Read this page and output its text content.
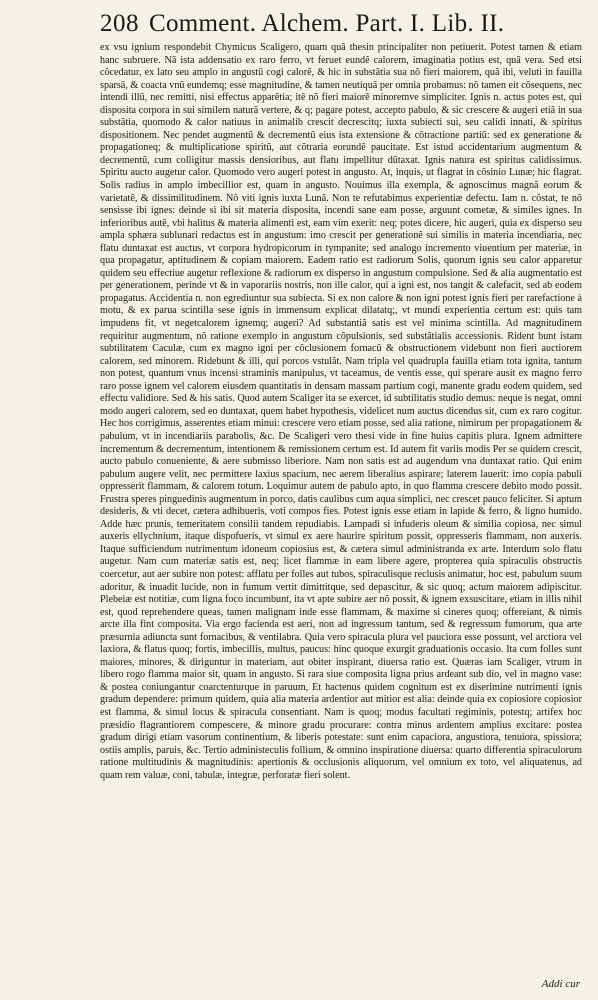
208 Comment. Alchem. Part. I. Lib. II.

ex vsu ignium respondebit Chymicus Scaligero, quam quã thesin principaliter non petiuerit. Potest tamen & etiam hanc subruere. Nã ista addensatio ex raro ferro, vt feruet eundẽ calorem, imaginatia potius est, quã vera. Sed etsi cõcedatur, ex lato seu amplo in angustũ cogi calorẽ, & hic in substãtia sua nõ fieri maiorem, quã ibi, veluti in fauilla sparsã, & coacta vnũ eundemq; esse magnitudine, & tamen neutiquã per omnia probamus: nõ tamen eit cõsequens, nec intendi illũ, nec remitti, nisi effectus apparẽtia; itẽ nõ fieri maiorẽ minoremve simpliciter. Ignis n. actus potes est, qui disposita corpora in sui similem naturã vertere, & q; pagare potest, accepto pabulo, & sic crescere & augeri etiã in sua substãtia, quomodo & calor natiuus in animalib crescit decrescitq; iuxta subiecti sui, seu calidi innati, & spiritus dispositionem. Nec pendet augmentũ & decrementũ eius ista extensione & cõtractione partiũ: sed ex generatione & propagationeq; & multiplicatione spiritũ, aut cõtraria eorundẽ paucitate. Est istud accidentarium augmentum & decrementũ, cum colligitur massis densioribus, aut flatu impellitur dũtaxat. Ignis natura est spiritus calidissimus. Spiritu aucto augetur calor. Quomodo vero augeri potest in angusto. At, inquis, ut flagrat in cõsinio Lunæ; hic flagrat. Solis radius in amplo imbecillior est, quam in angusto. Nouimus illa exempla, & agnoscimus magnã eorum & varietatẽ, & dissimilitudinem. Nõ viti ignis iuxta Lunã. Non te refutabimus experientiæ defectu. Iam n. cõstat, te nõ sensisse ibi ignes: deinde si ibi sit materia disposita, incendi sane eam posse, arguunt cometæ, & similes ignes. In inferioribus autẽ, vbi halitus & materia alimenti est, eam vim exerit: neq; potes dicere, hic augeri, quia ex disperso seu ampla sphæra sublunari redactus est in angustum: imo crescit per generationẽ sui similis in materia incendiaria, nec flatu duntaxat est auctus, vt corpora hydropicorum in tympanite; sed analogo incremento viuentium per materiæ, in qua propagatur, aptitudinem & copiam maiorem. Eadem ratio est radiorum Solis, quorum ignis seu calor apparetur quidem seu effectiue augetur reflexione & radiorum ex disperso in angustum compulsione. Sed & alia augmentatio est per generationem, perinde vt & in vaporariis nostris, non ille calor, qui a igni est, nos tangit & calefacit, sed ab eodem propagatus. Accidentia n. non egrediuntur sua subiecta. Si ex non calore & non igni potest ignis fieri per rarefactione à motu, & ex parua scintilla sese ignis in immensum explicat dilatatq;, vt mundi experientia certum est: quis tam impudens fit, vt negetcalorem ignemq; augeri? Ad substantiã satis est vel minima scintilla. Ad magnitudinem requiritur augmentum, nõ ratione exemplo in angustum cõpulsionis, sed substãtialis accessionis. Rident bunt istam subtilitatem Caculæ, cum ex magno igni per cõclusionem fornacũ & obstructionem videbunt non fieri auctiorem calorem, sed minorem. Ridebunt & illi, qui porcos vstulãt. Nam tripla vel quadrupla fauilla etiam tota ignita, tantum non potest, quantum vnus incensi straminis manipulus, vt taceamus, de ventis esse, qui sperare ausit ex magno ferro raro posse ignem vel calorem eiusdem quantitatis in densam massam partium cogi, manente gradu eodem quidem, sed effectu validiore. Sed & his satis. Quod autem Scaliger ita se exercet, id subtilitatis studio demus: neque is negat, omni modo augeri calorem, sed eo duntaxat, quem habet hypothesis, videlicet num auctus dicendus sit, cum ex raro cogitur. Hec hos corrigimus, asserentes etiam minui: crescere vero etiam posse, sed alia ratione, nimirum per propagationem & pabulum, vt in incendiariis parabolis, &c. De Scaligeri vero thesi vide in fine huius capitis plura. Ignem admittere incrementum & decrementum, intentionem & remissionem certum est. Id autem fit variis modis Per se quidem crescit, aucto pabulo conueniente, & aere submisso liberiore. Nam non satis est ad augendum vna duntaxat ratio. Qui enim pabulum augere velit, nec permittere laxius spacium, nec aerem liberalius aspirare; laterem lauerit: imo copia pabuli oppresserit flammam, & calorem totum. Loquimur autem de pabulo apto, in quo flamma crescere debito modo possit. Frustra speres pinguedinis augmentum in porco, datis caulibus cum aqua simplici, nec crescet pauco feliciter. Si aptum desideris, & vti decet, cætera adhibueris, voti compos fies. Potest ignis esse etiam in lapide & ferro, & ligno humido. Adde hæc prunis, temeritatem consilii tandem repudiabis. Lampadi si infuderis oleum & similia copiosa, nec simul auxeris ellychnium, itaque dispofueris, vt simul ex aere haurire spiritum possit, oppresseris flammam, non auxeris. Itaque sufficiendum nutrimentum idoneum copiosius est, & cætera simul administranda ex arte. Interdum solo flatu augetur. Nam cum materiæ satis est, neq; licet flammæ in eam libere agere, propterea quia spiraculis obstructis coercetur, aut aer subire non potest: afflatu per folles aut tubos, spiraculisque reclusis animatur, hoc est, pabulum suum adoritur, & inuadit lucide, non in fumum vertit dimittitque, sed depascitur, & sic quoq; actum maiorem adipiscitur. Plebeiæ est notitiæ, cum ligna foco incumbunt, ita vt apte subire aer nõ possit, & ignem exsuscitare, etiam in illis nihil est, quod reprehendere queas, tamen malignam inde esse flammam, & maxime si cineres quoq; offereiant, & nimis arcte illa fint composita. Via ergo facienda est aeri, non ad ingressum tantum, sed & regressum fumorum, qua arte præsurnia adiuncta sunt fornacibus, & ventilabra. Quia vero spiracula plura vel pauciora esse possunt, vel arctiora vel laxiora, & flatus quoq; fortis, imbecillis, multus, paucus: hinc quoque exurgit graduationis occasio. Ita cum folles sunt maiores, minores, & diriguntur in materiam, aut obiter inspirant, diuersa ratio est. Quæras iam Scaliger, vtrum in libero rogo flamma maior sit, quam in angusto. Si rara siue composita ligna prius ardeant sub dio, vel in magno vase: & postea coniungantur coarctenturque in paruum, Et hactenus quidem cognitum est ex diserimine nutrimenti ignis gradum dependere: primum quidem, quia alia materia ardentior aut mitior est alia: deinde quia ex copiosiore copiosior est flamma, & simul locus & spiracula consentiant. Nam is quoq; modus facultati regiminis, potestq; artifex hoc præsidio flagrantiorem compescere, & minore gradu procurare: contra minus ardentem amplius excitare: postea gradum dirigi etiam vasorum continentium, & liberis potestate: sunt enim capaciora, angustiora, tenuiora, spissiora; ostiis amplis, paruis, &c. Tertio administeculis follium, & omnino inspiratione diuersa: quarto differentia spiraculorum ratione multitudinis & magnitudinis: apertionis & occlusionis aliquorum, vel omnium ex toto, vel aliquatenus, ad quam rem valuæ, coni, tabulæ, integræ, perforatæ fieri solent.

Addi cur
